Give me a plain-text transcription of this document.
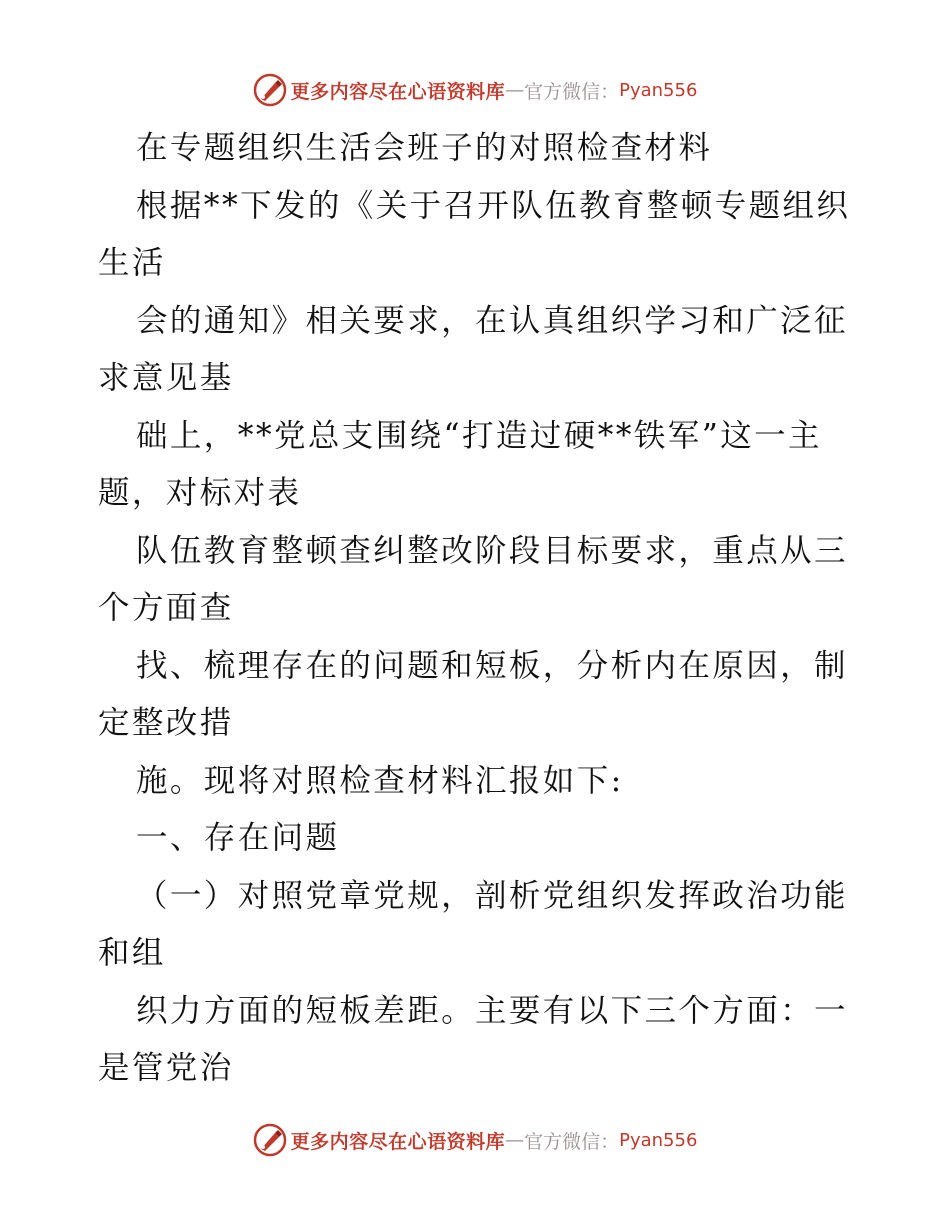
更多内容尽在心语资料库 — 官方微信： Pyan556
在专题组织生活会班子的对照检查材料
根据**下发的《关于召开队伍教育整顿专题组织
生活
会的通知》相关要求，在认真组织学习和广泛征
求意见基
础上，**党总支围绕“打造过硬**铁军”这一主
题，对标对表
队伍教育整顿查纠整改阶段目标要求，重点从三
个方面查
找、梳理存在的问题和短板，分析内在原因，制
定整改措
施。现将对照检查材料汇报如下:
一、存在问题
（一）对照党章党规，剖析党组织发挥政治功能
和组
织力方面的短板差距。主要有以下三个方面：一
是管党治
更多内容尽在心语资料库 — 官方微信： Pyan556
